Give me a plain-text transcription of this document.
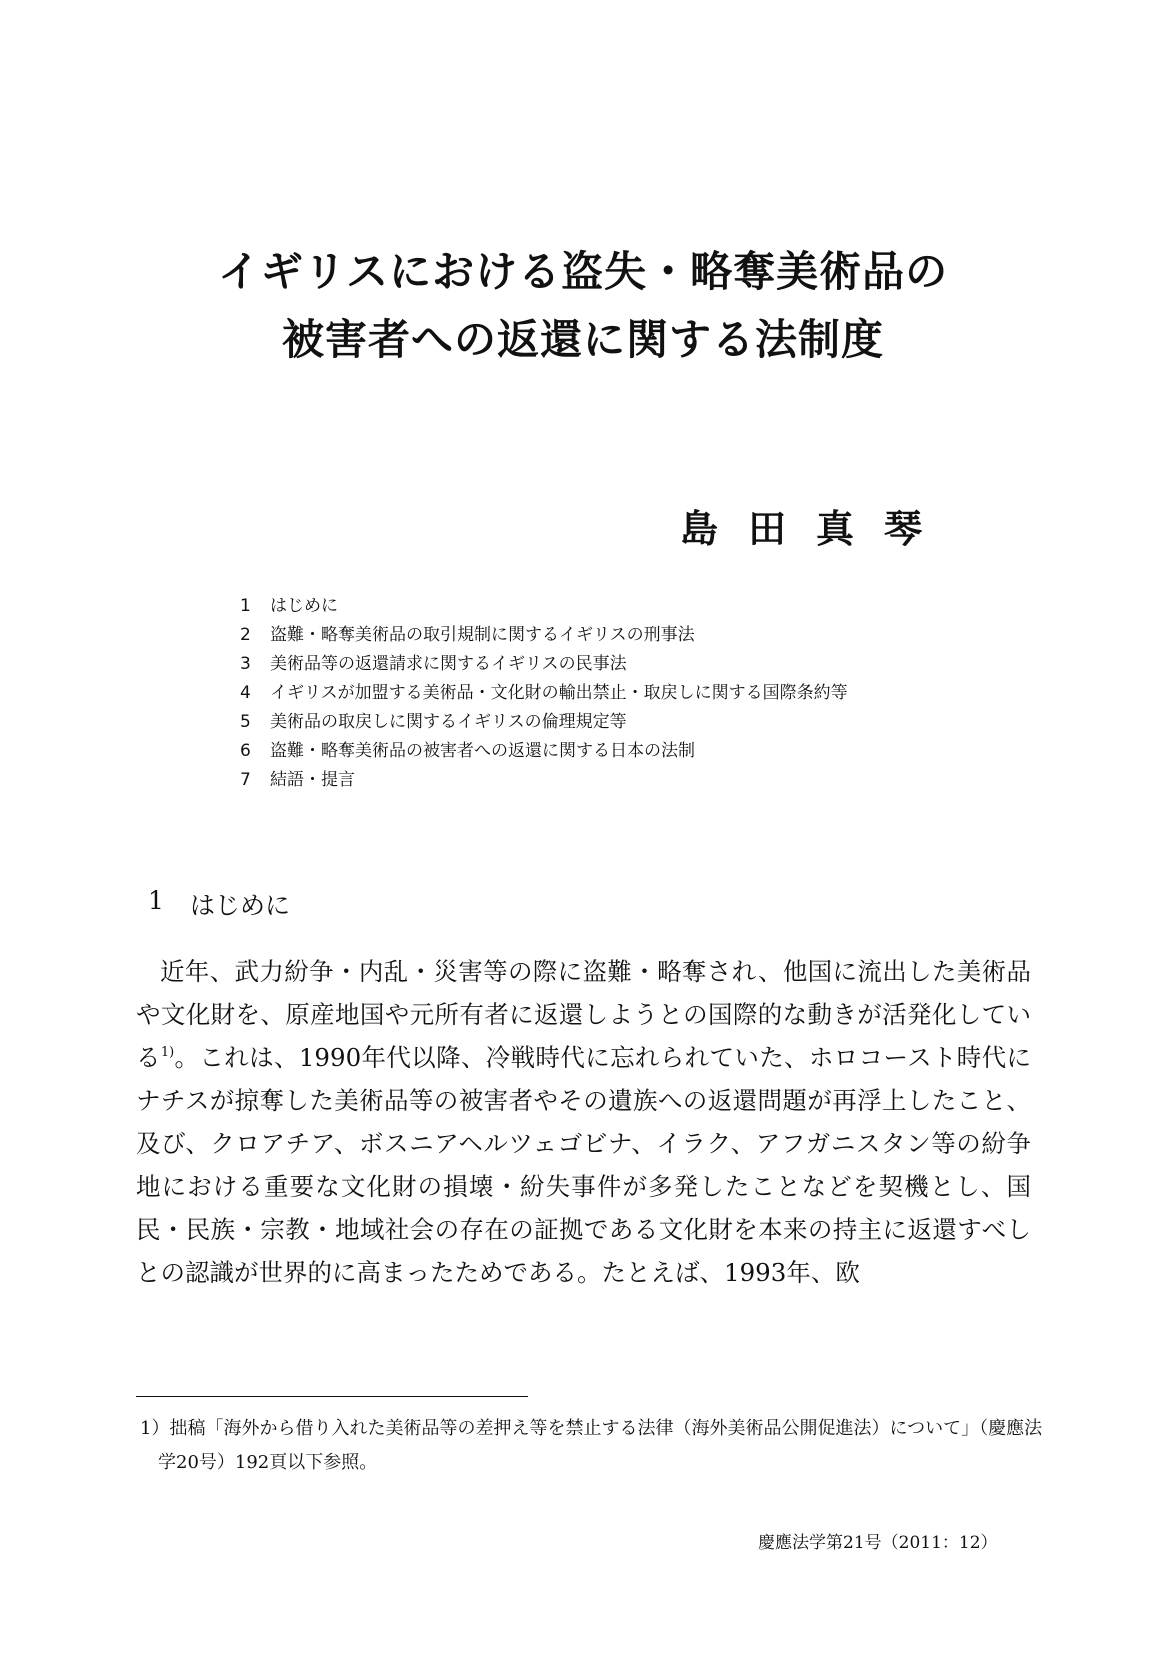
イギリスにおける盗失・略奪美術品の
被害者への返還に関する法制度

島田真琴

1	はじめに
2	盗難・略奪美術品の取引規制に関するイギリスの刑事法
3	美術品等の返還請求に関するイギリスの民事法
4	イギリスが加盟する美術品・文化財の輸出禁止・取戻しに関する国際条約等
5	美術品の取戻しに関するイギリスの倫理規定等
6	盗難・略奪美術品の被害者への返還に関する日本の法制
7	結語・提言
1	はじめに

近年、武力紛争・内乱・災害等の際に盗難・略奪され、他国に流出した美術品や文化財を、原産地国や元所有者に返還しようとの国際的な動きが活発化している$^{1)}$。これは、1990年代以降、冷戦時代に忘れられていた、ホロコースト時代にナチスが掠奪した美術品等の被害者やその遺族への返還問題が再浮上したこと、及び、クロアチア、ボスニアヘルツェゴビナ、イラク、アフガニスタン等の紛争地における重要な文化財の損壊・紛失事件が多発したことなどを契機とし、国民・民族・宗教・地域社会の存在の証拠である文化財を本来の持主に返還すべしとの認識が世界的に高まったためである。たとえば、1993年、欧

1）拙稿「海外から借り入れた美術品等の差押え等を禁止する法律（海外美術品公開促進法）について」（慶應法学20号）192頁以下参照。

慶應法学第21号（2011：12）
